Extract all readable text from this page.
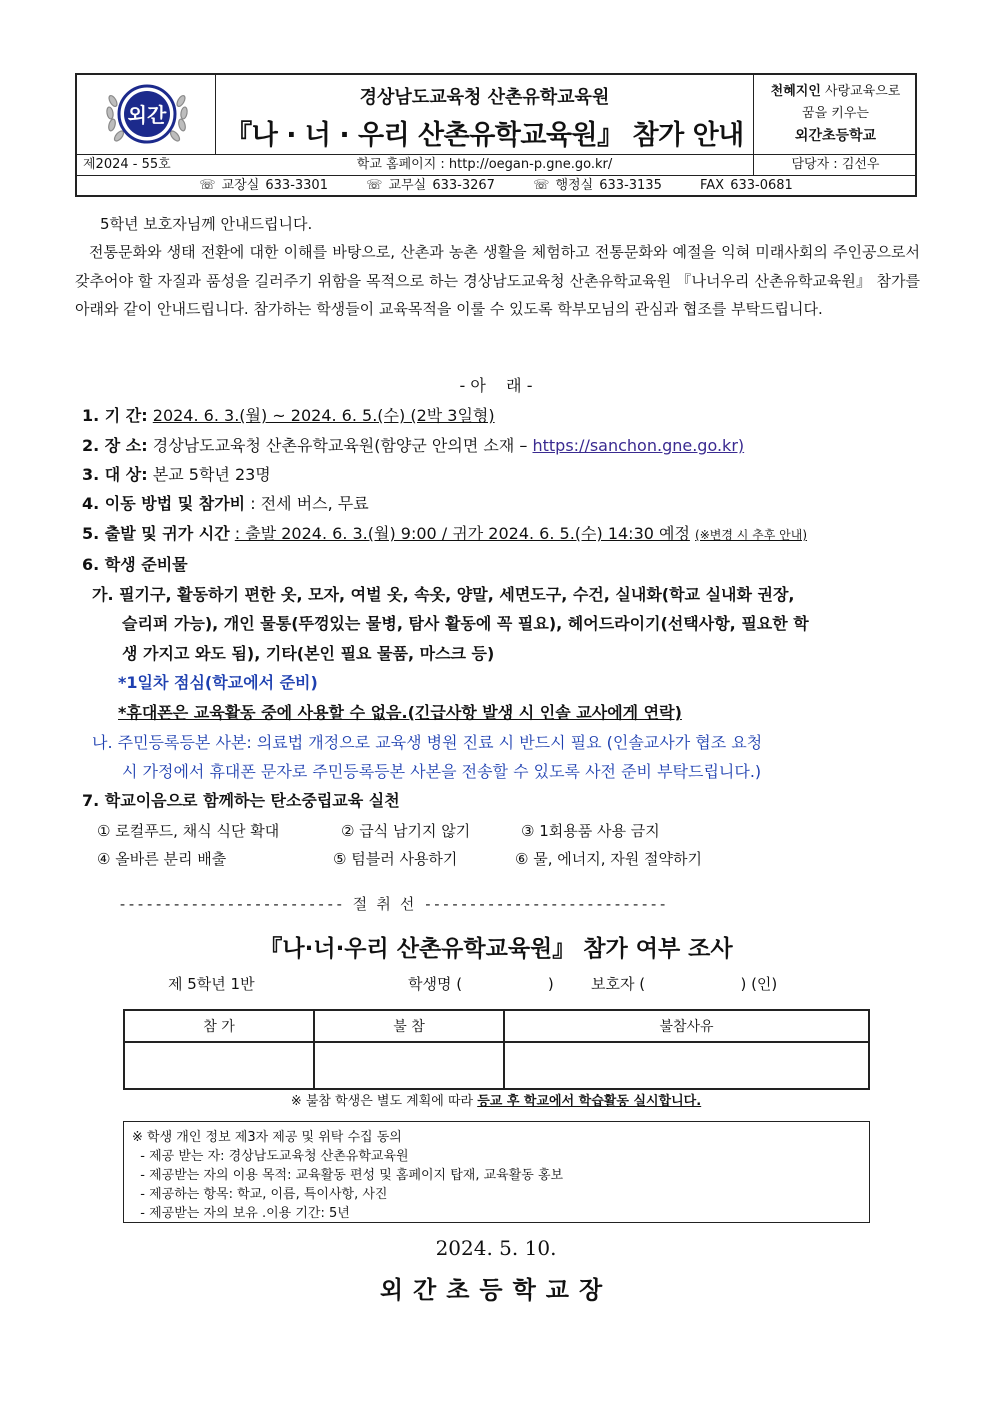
외간
경상남도교육청 산촌유학교육원
『나 · 너 · 우리 산촌유학교육원』 참가 안내
천혜지인 사랑교육으로
꿈을 키우는
외간초등학교
제2024 - 55호	학교 홈페이지 : http://oegan-p.gne.go.kr/	담당자 : 김선우
☏ 교장실 633-3301	☏ 교무실 633-3267	☏ 행정실 633-3135	FAX 633-0681
5학년 보호자님께 안내드립니다.
전통문화와 생태 전환에 대한 이해를 바탕으로, 산촌과 농촌 생활을 체험하고 전통문화와 예절을 익혀 미래사회의 주인공으로서 갖추어야 할 자질과 품성을 길러주기 위함을 목적으로 하는 경상남도교육청 산촌유학교육원 『나너우리 산촌유학교육원』 참가를 아래와 같이 안내드립니다. 참가하는 학생들이 교육목적을 이룰 수 있도록 학부모님의 관심과 협조를 부탁드립니다.
- 아    래 -
1. 기 간: 2024. 6. 3.(월) ~ 2024. 6. 5.(수) (2박 3일형)
2. 장 소: 경상남도교육청 산촌유학교육원(함양군 안의면 소재 – https://sanchon.gne.go.kr)
3. 대 상: 본교 5학년 23명
4. 이동 방법 및 참가비 : 전세 버스, 무료
5. 출발 및 귀가 시간 : 출발 2024. 6. 3.(월) 9:00 / 귀가 2024. 6. 5.(수) 14:30 예정 (※변경 시 추후 안내)
6. 학생 준비물
가. 필기구, 활동하기 편한 옷, 모자, 여벌 옷, 속옷, 양말, 세면도구, 수건, 실내화(학교 실내화 권장,
슬리퍼 가능), 개인 물통(뚜껑있는 물병, 탐사 활동에 꼭 필요), 헤어드라이기(선택사항, 필요한 학
생 가지고 와도 됨), 기타(본인 필요 물품, 마스크 등)
*1일차 점심(학교에서 준비)
*휴대폰은 교육활동 중에 사용할 수 없음.(긴급사항 발생 시 인솔 교사에게 연락)
나. 주민등록등본 사본: 의료법 개정으로 교육생 병원 진료 시 반드시 필요 (인솔교사가 협조 요청
시 가정에서 휴대폰 문자로 주민등록등본 사본을 전송할 수 있도록 사전 준비 부탁드립니다.)
7. 학교이음으로 함께하는 탄소중립교육 실천
① 로컬푸드, 채식 식단 확대	② 급식 남기지 않기	③ 1회용품 사용 금지
④ 올바른 분리 배출	⑤ 텀블러 사용하기	⑥ 물, 에너지, 자원 절약하기
------------------------- 절 취 선 ---------------------------
『나·너·우리 산촌유학교육원』 참가 여부 조사
제 5학년 1반	학생명 (                  ) 보호자 (                    ) (인)
참 가	불 참	불참사유

※ 불참 학생은 별도 계획에 따라 등교 후 학교에서 학습활동 실시합니다.
※ 학생 개인 정보 제3자 제공 및 위탁 수집 동의
- 제공 받는 자: 경상남도교육청 산촌유학교육원
- 제공받는 자의 이용 목적: 교육활동 편성 및 홈페이지 탑재, 교육활동 홍보
- 제공하는 항목: 학교, 이름, 특이사항, 사진
- 제공받는 자의 보유 .이용 기간: 5년
2024. 5. 10.
외간초등학교장
